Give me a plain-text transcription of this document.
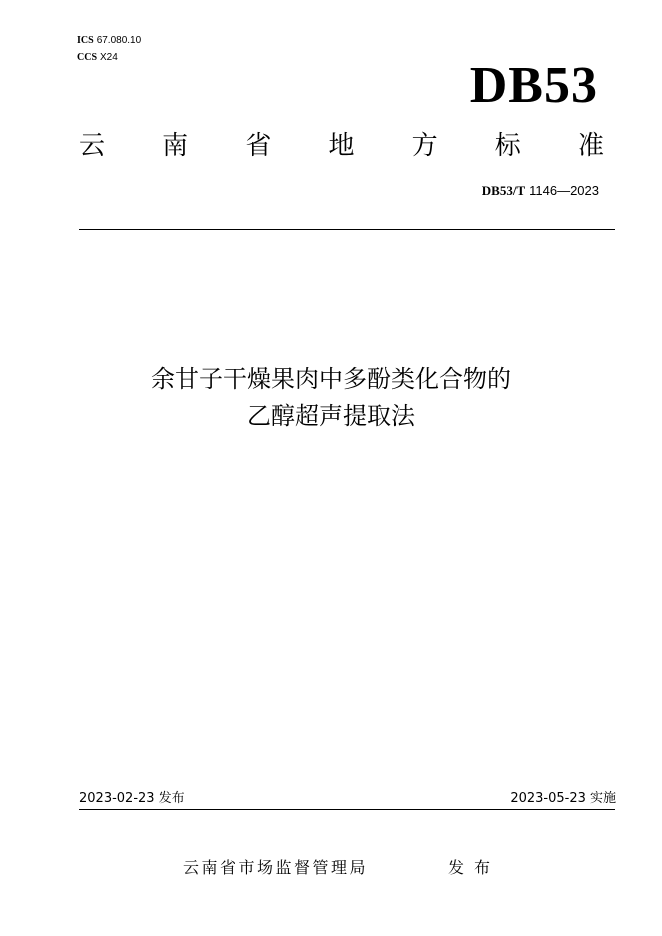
ICS 67.080.10
CCS X24	DB53
云 南 省 地 方 标 准
DB53/T 1146—2023
余甘子干燥果肉中多酚类化合物的
乙醇超声提取法
2023-02-23 发布	2023-05-23 实施
云南省市场监督管理局	发布
